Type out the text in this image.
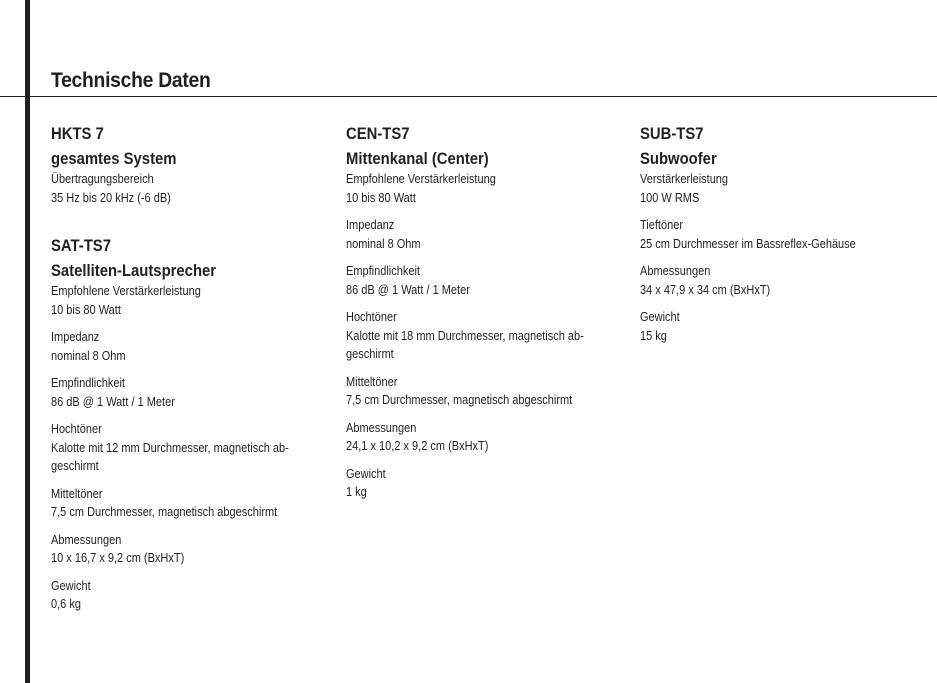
Technische Daten
HKTS 7
gesamtes System
Übertragungsbereich
35 Hz bis 20 kHz (-6 dB)
SAT-TS7
Satelliten-Lautsprecher
Empfohlene Verstärkerleistung
10 bis 80 Watt
Impedanz
nominal 8 Ohm
Empfindlichkeit
86 dB @ 1 Watt / 1 Meter
Hochtöner
Kalotte mit 12 mm Durchmesser, magnetisch ab-
geschirmt
Mitteltöner
7,5 cm Durchmesser, magnetisch abgeschirmt
Abmessungen
10 x 16,7 x 9,2 cm (BxHxT)
Gewicht
0,6 kg
CEN-TS7
Mittenkanal (Center)
Empfohlene Verstärkerleistung
10 bis 80 Watt
Impedanz
nominal 8 Ohm
Empfindlichkeit
86 dB @ 1 Watt / 1 Meter
Hochtöner
Kalotte mit 18 mm Durchmesser, magnetisch ab-
geschirmt
Mitteltöner
7,5 cm Durchmesser, magnetisch abgeschirmt
Abmessungen
24,1 x 10,2 x 9,2 cm (BxHxT)
Gewicht
1 kg
SUB-TS7
Subwoofer
Verstärkerleistung
100 W RMS
Tieftöner
25 cm Durchmesser im Bassreflex-Gehäuse
Abmessungen
34 x 47,9 x 34 cm (BxHxT)
Gewicht
15 kg
